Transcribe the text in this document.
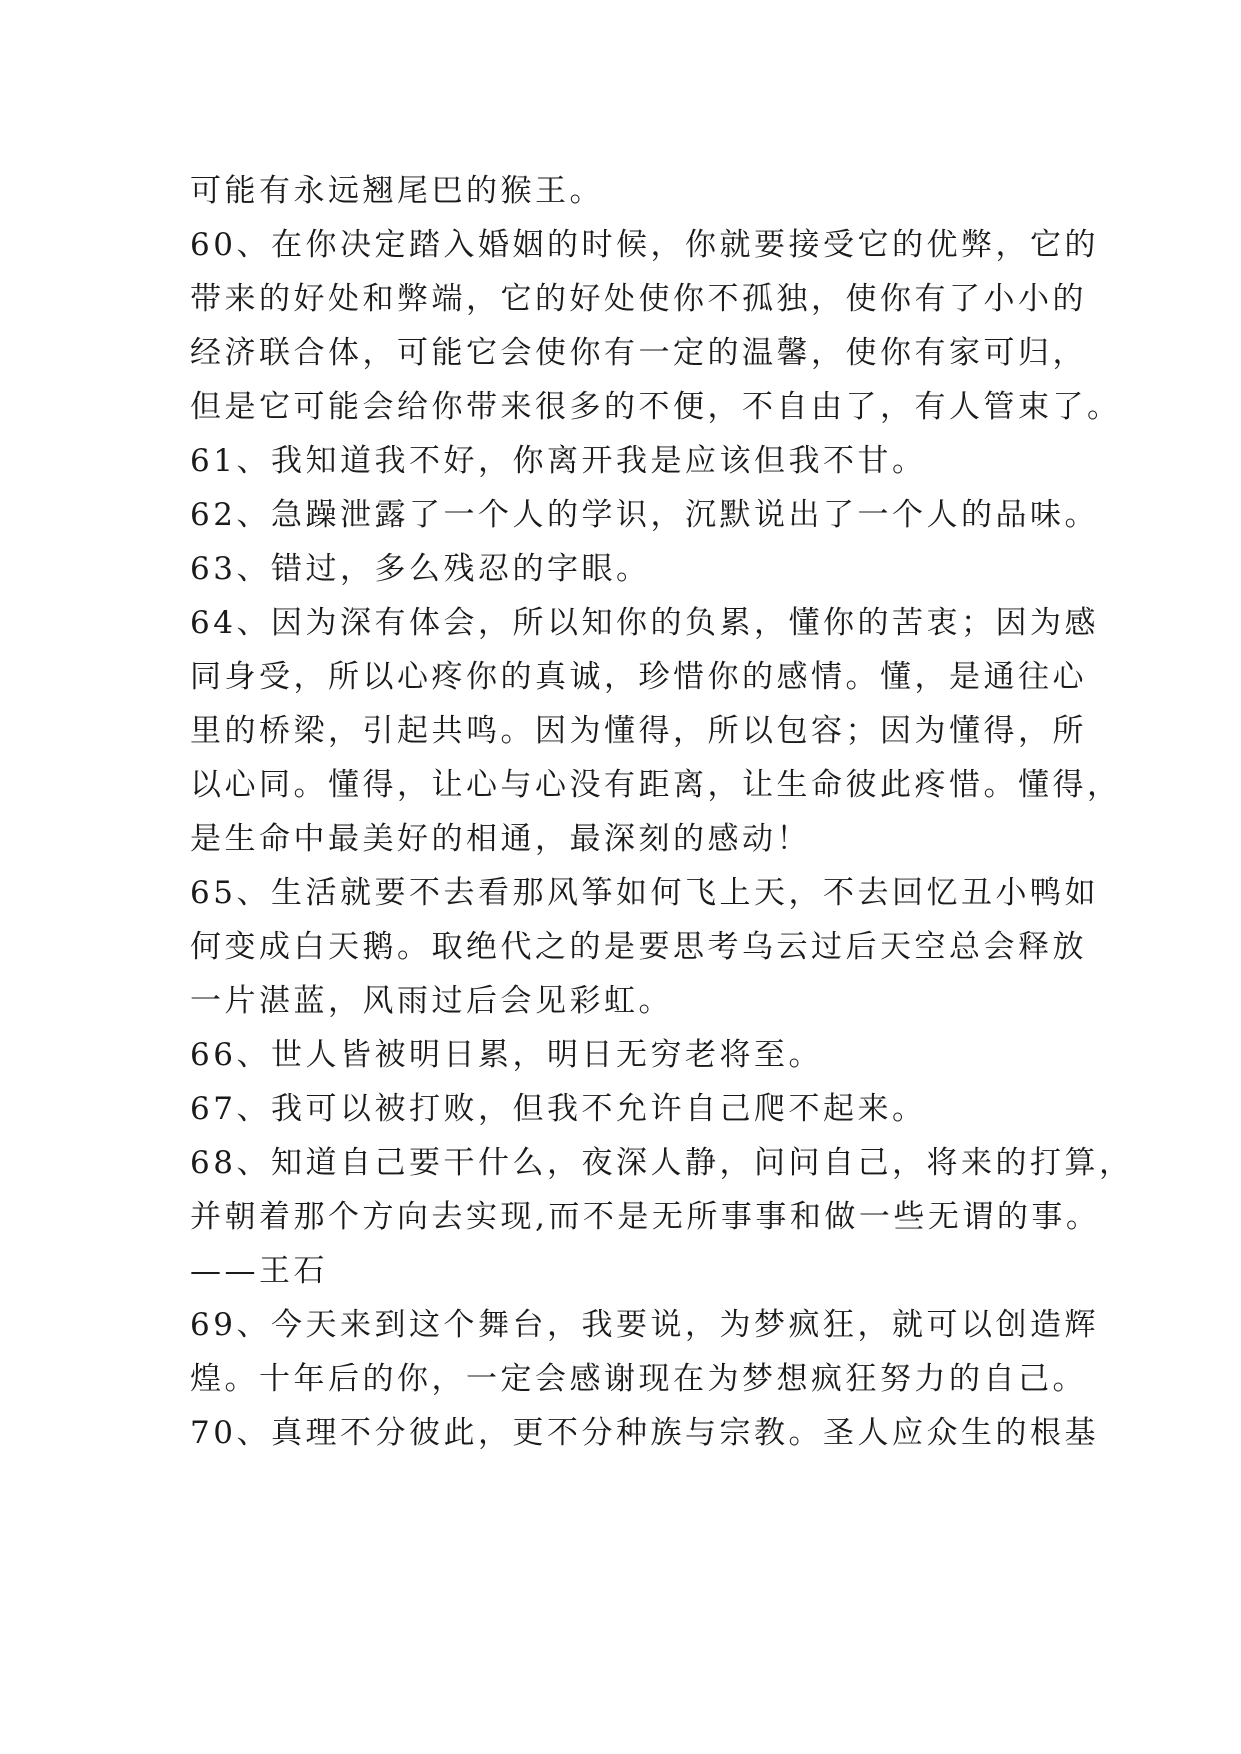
可能有永远翘尾巴的猴王。
60、在你决定踏入婚姻的时候，你就要接受它的优弊，它的
带来的好处和弊端，它的好处使你不孤独，使你有了小小的
经济联合体，可能它会使你有一定的温馨，使你有家可归，
但是它可能会给你带来很多的不便，不自由了，有人管束了。
61、我知道我不好，你离开我是应该但我不甘。
62、急躁泄露了一个人的学识，沉默说出了一个人的品味。
63、错过，多么残忍的字眼。
64、因为深有体会，所以知你的负累，懂你的苦衷；因为感
同身受，所以心疼你的真诚，珍惜你的感情。懂，是通往心
里的桥梁，引起共鸣。因为懂得，所以包容；因为懂得，所
以心同。懂得，让心与心没有距离，让生命彼此疼惜。懂得，
是生命中最美好的相通，最深刻的感动！
65、生活就要不去看那风筝如何飞上天，不去回忆丑小鸭如
何变成白天鹅。取绝代之的是要思考乌云过后天空总会释放
一片湛蓝，风雨过后会见彩虹。
66、世人皆被明日累，明日无穷老将至。
67、我可以被打败，但我不允许自己爬不起来。
68、知道自己要干什么，夜深人静，问问自己，将来的打算，
并朝着那个方向去实现,而不是无所事事和做一些无谓的事。
——王石
69、今天来到这个舞台，我要说，为梦疯狂，就可以创造辉
煌。十年后的你，一定会感谢现在为梦想疯狂努力的自己。
70、真理不分彼此，更不分种族与宗教。圣人应众生的根基
